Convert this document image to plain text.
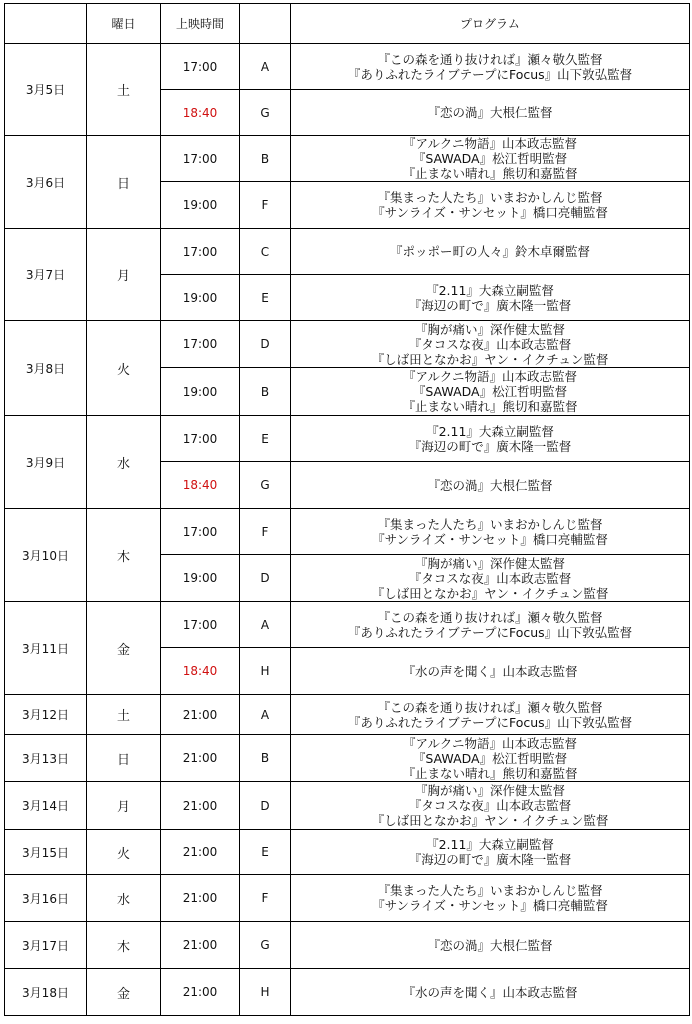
	曜日	上映時間		プログラム
3月5日	土	17:00	A	『この森を通り抜ければ』瀬々敬久監督
『ありふれたライブテープにFocus』山下敦弘監督

		18:40	G	『恋の渦』大根仁監督

3月6日	日	17:00	B	『アルクニ物語』山本政志監督
『SAWADA』松江哲明監督
『止まない晴れ』熊切和嘉監督

		19:00	F	『集まった人たち』いまおかしんじ監督
『サンライズ・サンセット』橋口亮輔監督

3月7日	月	17:00	C	『ポッポー町の人々』鈴木卓爾監督

		19:00	E	『2.11』大森立嗣監督
『海辺の町で』廣木隆一監督

3月8日	火	17:00	D	『胸が痛い』深作健太監督
『タコスな夜』山本政志監督
『しば田となかお』ヤン・イクチュン監督

		19:00	B	『アルクニ物語』山本政志監督
『SAWADA』松江哲明監督
『止まない晴れ』熊切和嘉監督

3月9日	水	17:00	E	『2.11』大森立嗣監督
『海辺の町で』廣木隆一監督

		18:40	G	『恋の渦』大根仁監督

3月10日	木	17:00	F	『集まった人たち』いまおかしんじ監督
『サンライズ・サンセット』橋口亮輔監督

		19:00	D	『胸が痛い』深作健太監督
『タコスな夜』山本政志監督
『しば田となかお』ヤン・イクチュン監督

3月11日	金	17:00	A	『この森を通り抜ければ』瀬々敬久監督
『ありふれたライブテープにFocus』山下敦弘監督

		18:40	H	『水の声を聞く』山本政志監督

3月12日	土	21:00	A	『この森を通り抜ければ』瀬々敬久監督
『ありふれたライブテープにFocus』山下敦弘監督

3月13日	日	21:00	B	『アルクニ物語』山本政志監督
『SAWADA』松江哲明監督
『止まない晴れ』熊切和嘉監督

3月14日	月	21:00	D	『胸が痛い』深作健太監督
『タコスな夜』山本政志監督
『しば田となかお』ヤン・イクチュン監督

3月15日	火	21:00	E	『2.11』大森立嗣監督
『海辺の町で』廣木隆一監督

3月16日	水	21:00	F	『集まった人たち』いまおかしんじ監督
『サンライズ・サンセット』橋口亮輔監督

3月17日	木	21:00	G	『恋の渦』大根仁監督

3月18日	金	21:00	H	『水の声を聞く』山本政志監督
